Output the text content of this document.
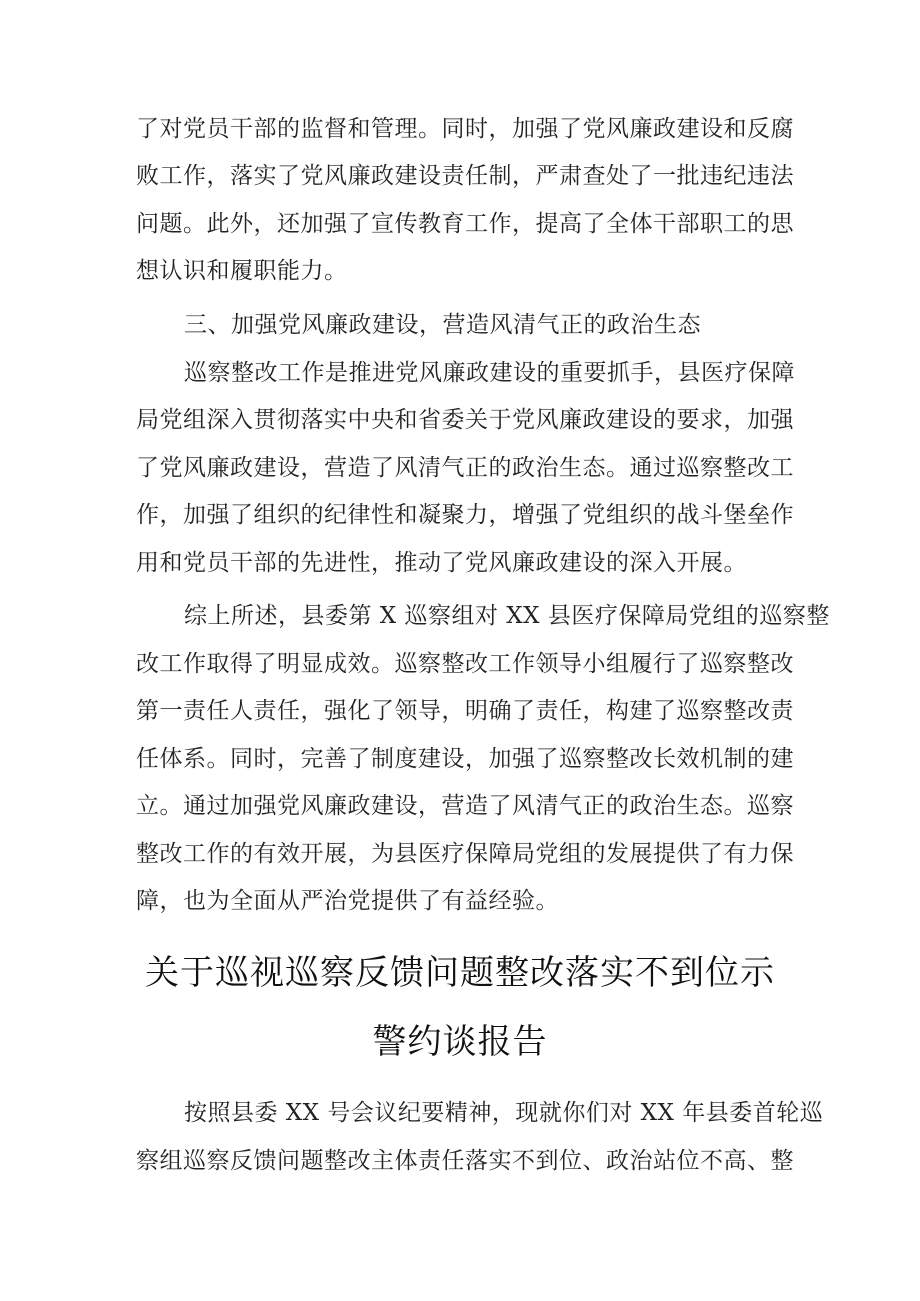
了对党员干部的监督和管理。同时，加强了党风廉政建设和反腐

败工作，落实了党风廉政建设责任制，严肃查处了一批违纪违法

问题。此外，还加强了宣传教育工作，提高了全体干部职工的思

想认识和履职能力。

三、加强党风廉政建设，营造风清气正的政治生态

巡察整改工作是推进党风廉政建设的重要抓手，县医疗保障

局党组深入贯彻落实中央和省委关于党风廉政建设的要求，加强

了党风廉政建设，营造了风清气正的政治生态。通过巡察整改工

作，加强了组织的纪律性和凝聚力，增强了党组织的战斗堡垒作

用和党员干部的先进性，推动了党风廉政建设的深入开展。

综上所述，县委第 X 巡察组对 XX 县医疗保障局党组的巡察整

改工作取得了明显成效。巡察整改工作领导小组履行了巡察整改

第一责任人责任，强化了领导，明确了责任，构建了巡察整改责

任体系。同时，完善了制度建设，加强了巡察整改长效机制的建

立。通过加强党风廉政建设，营造了风清气正的政治生态。巡察

整改工作的有效开展，为县医疗保障局党组的发展提供了有力保

障，也为全面从严治党提供了有益经验。

关于巡视巡察反馈问题整改落实不到位示
警约谈报告

按照县委 XX 号会议纪要精神，现就你们对 XX 年县委首轮巡

察组巡察反馈问题整改主体责任落实不到位、政治站位不高、整
